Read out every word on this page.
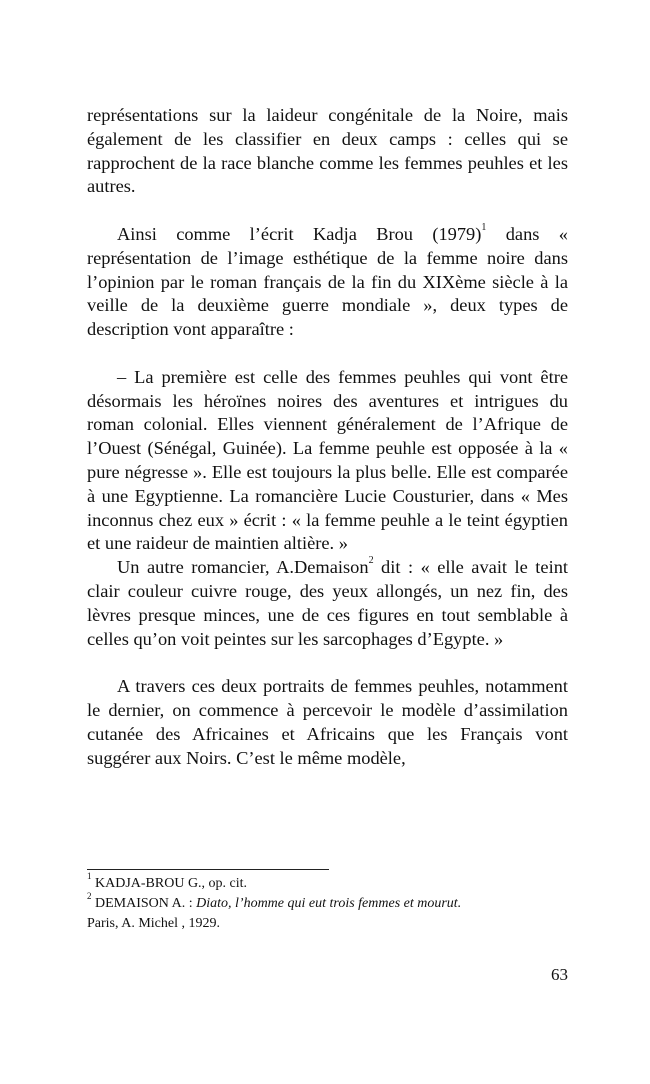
représentations sur la laideur congénitale de la Noire, mais également de les classifier en deux camps : celles qui se rapprochent de la race blanche comme les femmes peuhles et les autres.

Ainsi comme l’écrit Kadja Brou $(1979)^1$ dans « représentation de l’image esthétique de la femme noire dans l’opinion par le roman français de la fin du XIXème siècle à la veille de la deuxième guerre mondiale », deux types de description vont apparaître :

– La première est celle des femmes peuhles qui vont être désormais les héroïnes noires des aventures et intrigues du roman colonial. Elles viennent généralement de l’Afrique de l’Ouest (Sénégal, Guinée). La femme peuhle est opposée à la « pure négresse ». Elle est toujours la plus belle. Elle est comparée à une Egyptienne. La romancière Lucie Cousturier, dans « Mes inconnus chez eux » écrit : « la femme peuhle a le teint égyptien et une raideur de maintien altière. »

Un autre romancier, A.Demaison$^2$ dit : « elle avait le teint clair couleur cuivre rouge, des yeux allongés, un nez fin, des lèvres presque minces, une de ces figures en tout semblable à celles qu’on voit peintes sur les sarcophages d’Egypte. »

A travers ces deux portraits de femmes peuhles, notamment le dernier, on commence à percevoir le modèle d’assimilation cutanée des Africaines et Africains que les Français vont suggérer aux Noirs. C’est le même modèle,

$^1$ KADJA-BROU G., op. cit.

$^2$ DEMAISON A. : Diato, l’homme qui eut trois femmes et mourut.

Paris, A. Michel , 1929.

63
